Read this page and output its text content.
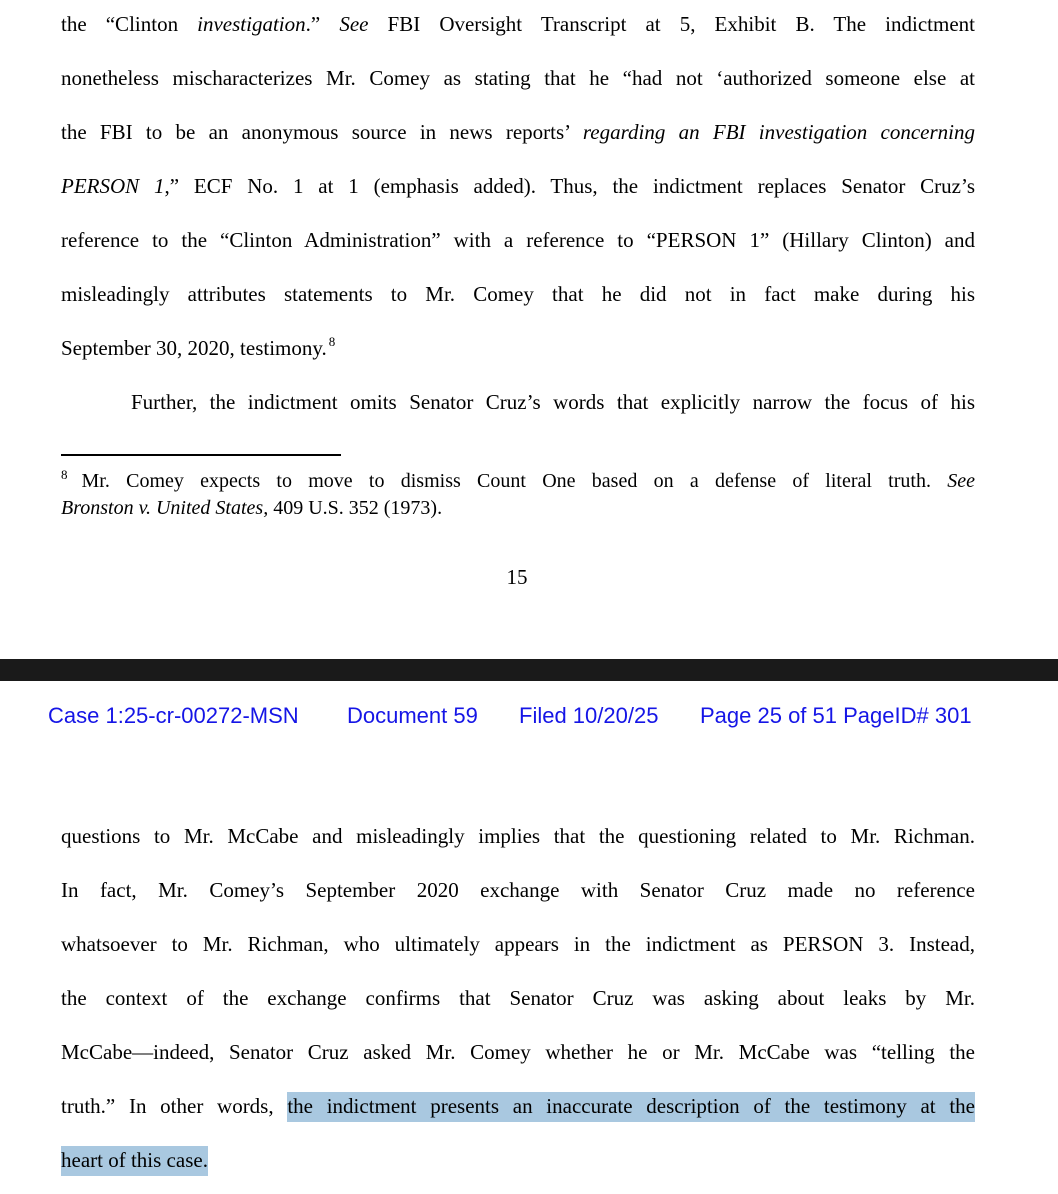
the “Clinton investigation.” See FBI Oversight Transcript at 5, Exhibit B. The indictment
nonetheless mischaracterizes Mr. Comey as stating that he “had not ‘authorized someone else at
the FBI to be an anonymous source in news reports’ regarding an FBI investigation concerning
PERSON 1,” ECF No. 1 at 1 (emphasis added). Thus, the indictment replaces Senator Cruz’s
reference to the “Clinton Administration” with a reference to “PERSON 1” (Hillary Clinton) and
misleadingly attributes statements to Mr. Comey that he did not in fact make during his
September 30, 2020, testimony. $^8$
Further, the indictment omits Senator Cruz’s words that explicitly narrow the focus of his
$^8$ Mr. Comey expects to move to dismiss Count One based on a defense of literal truth. See
Bronston v. United States, 409 U.S. 352 (1973).
15
Case 1:25-cr-00272-MSN Document 59 Filed 10/20/25 Page 25 of 51 PageID# 301
questions to Mr. McCabe and misleadingly implies that the questioning related to Mr. Richman.
In fact, Mr. Comey’s September 2020 exchange with Senator Cruz made no reference
whatsoever to Mr. Richman, who ultimately appears in the indictment as PERSON 3. Instead,
the context of the exchange confirms that Senator Cruz was asking about leaks by Mr.
McCabe—indeed, Senator Cruz asked Mr. Comey whether he or Mr. McCabe was “telling the
truth.” In other words, the indictment presents an inaccurate description of the testimony at the
heart of this case.
